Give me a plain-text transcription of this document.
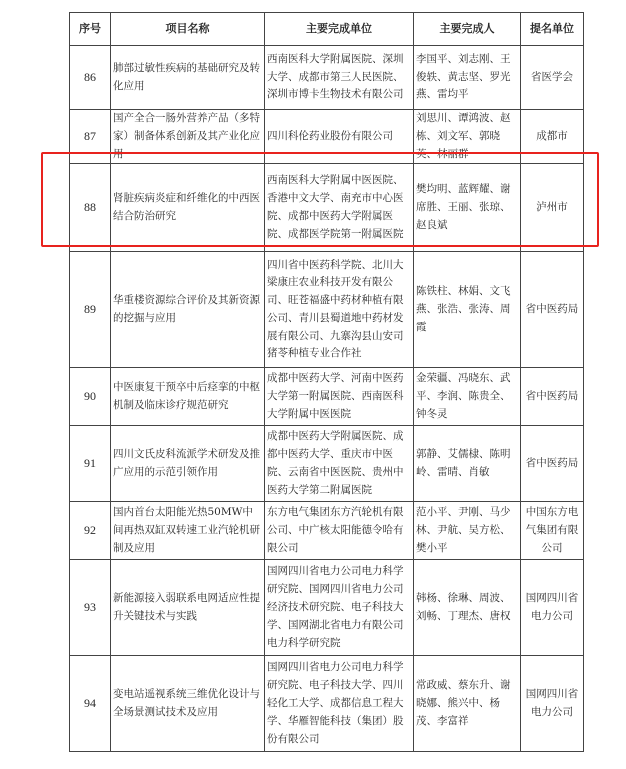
序号	项目名称	主要完成单位	主要完成人	提名单位
86	肺部过敏性疾病的基础研究及转化应用	西南医科大学附属医院、深圳大学、成都市第三人民医院、深圳市博卡生物技术有限公司	李国平、刘志刚、王俊轶、黄志坚、罗光燕、雷均平	省医学会
87	国产全合一肠外营养产品（多特家）制备体系创新及其产业化应用	四川科伦药业股份有限公司	刘思川、谭鸿波、赵栋、刘文军、郭晓英、林丽群	成都市
88	肾脏疾病炎症和纤维化的中西医结合防治研究	西南医科大学附属中医医院、香港中文大学、南充市中心医院、成都中医药大学附属医院、成都医学院第一附属医院	樊均明、蓝辉耀、谢席胜、王丽、张琼、赵良斌	泸州市
89	华重楼资源综合评价及其新资源的挖掘与应用	四川省中医药科学院、北川大梁康庄农业科技开发有限公司、旺苍福盛中药材种植有限公司、青川县蜀道地中药材发展有限公司、九寨沟县山安司猪苓种植专业合作社	陈铁柱、林娟、文飞燕、张浩、张涛、周霞	省中医药局
90	中医康复干预卒中后痉挛的中枢机制及临床诊疗规范研究	成都中医药大学、河南中医药大学第一附属医院、西南医科大学附属中医医院	金荣疆、冯晓东、武平、李润、陈贵全、钟冬灵	省中医药局
91	四川文氏皮科流派学术研发及推广应用的示范引领作用	成都中医药大学附属医院、成都中医药大学、重庆市中医院、云南省中医医院、贵州中医药大学第二附属医院	郭静、艾儒棣、陈明岭、雷晴、肖敏	省中医药局
92	国内首台太阳能光热50MW中间再热双缸双转速工业汽轮机研制及应用	东方电气集团东方汽轮机有限公司、中广核太阳能德令哈有限公司	范小平、尹刚、马少林、尹航、吴方松、樊小平	中国东方电气集团有限公司
93	新能源接入弱联系电网适应性提升关键技术与实践	国网四川省电力公司电力科学研究院、国网四川省电力公司经济技术研究院、电子科技大学、国网湖北省电力有限公司电力科学研究院	韩杨、徐琳、周波、刘畅、丁理杰、唐权	国网四川省电力公司
94	变电站遥视系统三维优化设计与全场景测试技术及应用	国网四川省电力公司电力科学研究院、电子科技大学、四川轻化工大学、成都信息工程大学、华雁智能科技（集团）股份有限公司	常政威、蔡东升、谢晓娜、熊兴中、杨茂、李富祥	国网四川省电力公司
